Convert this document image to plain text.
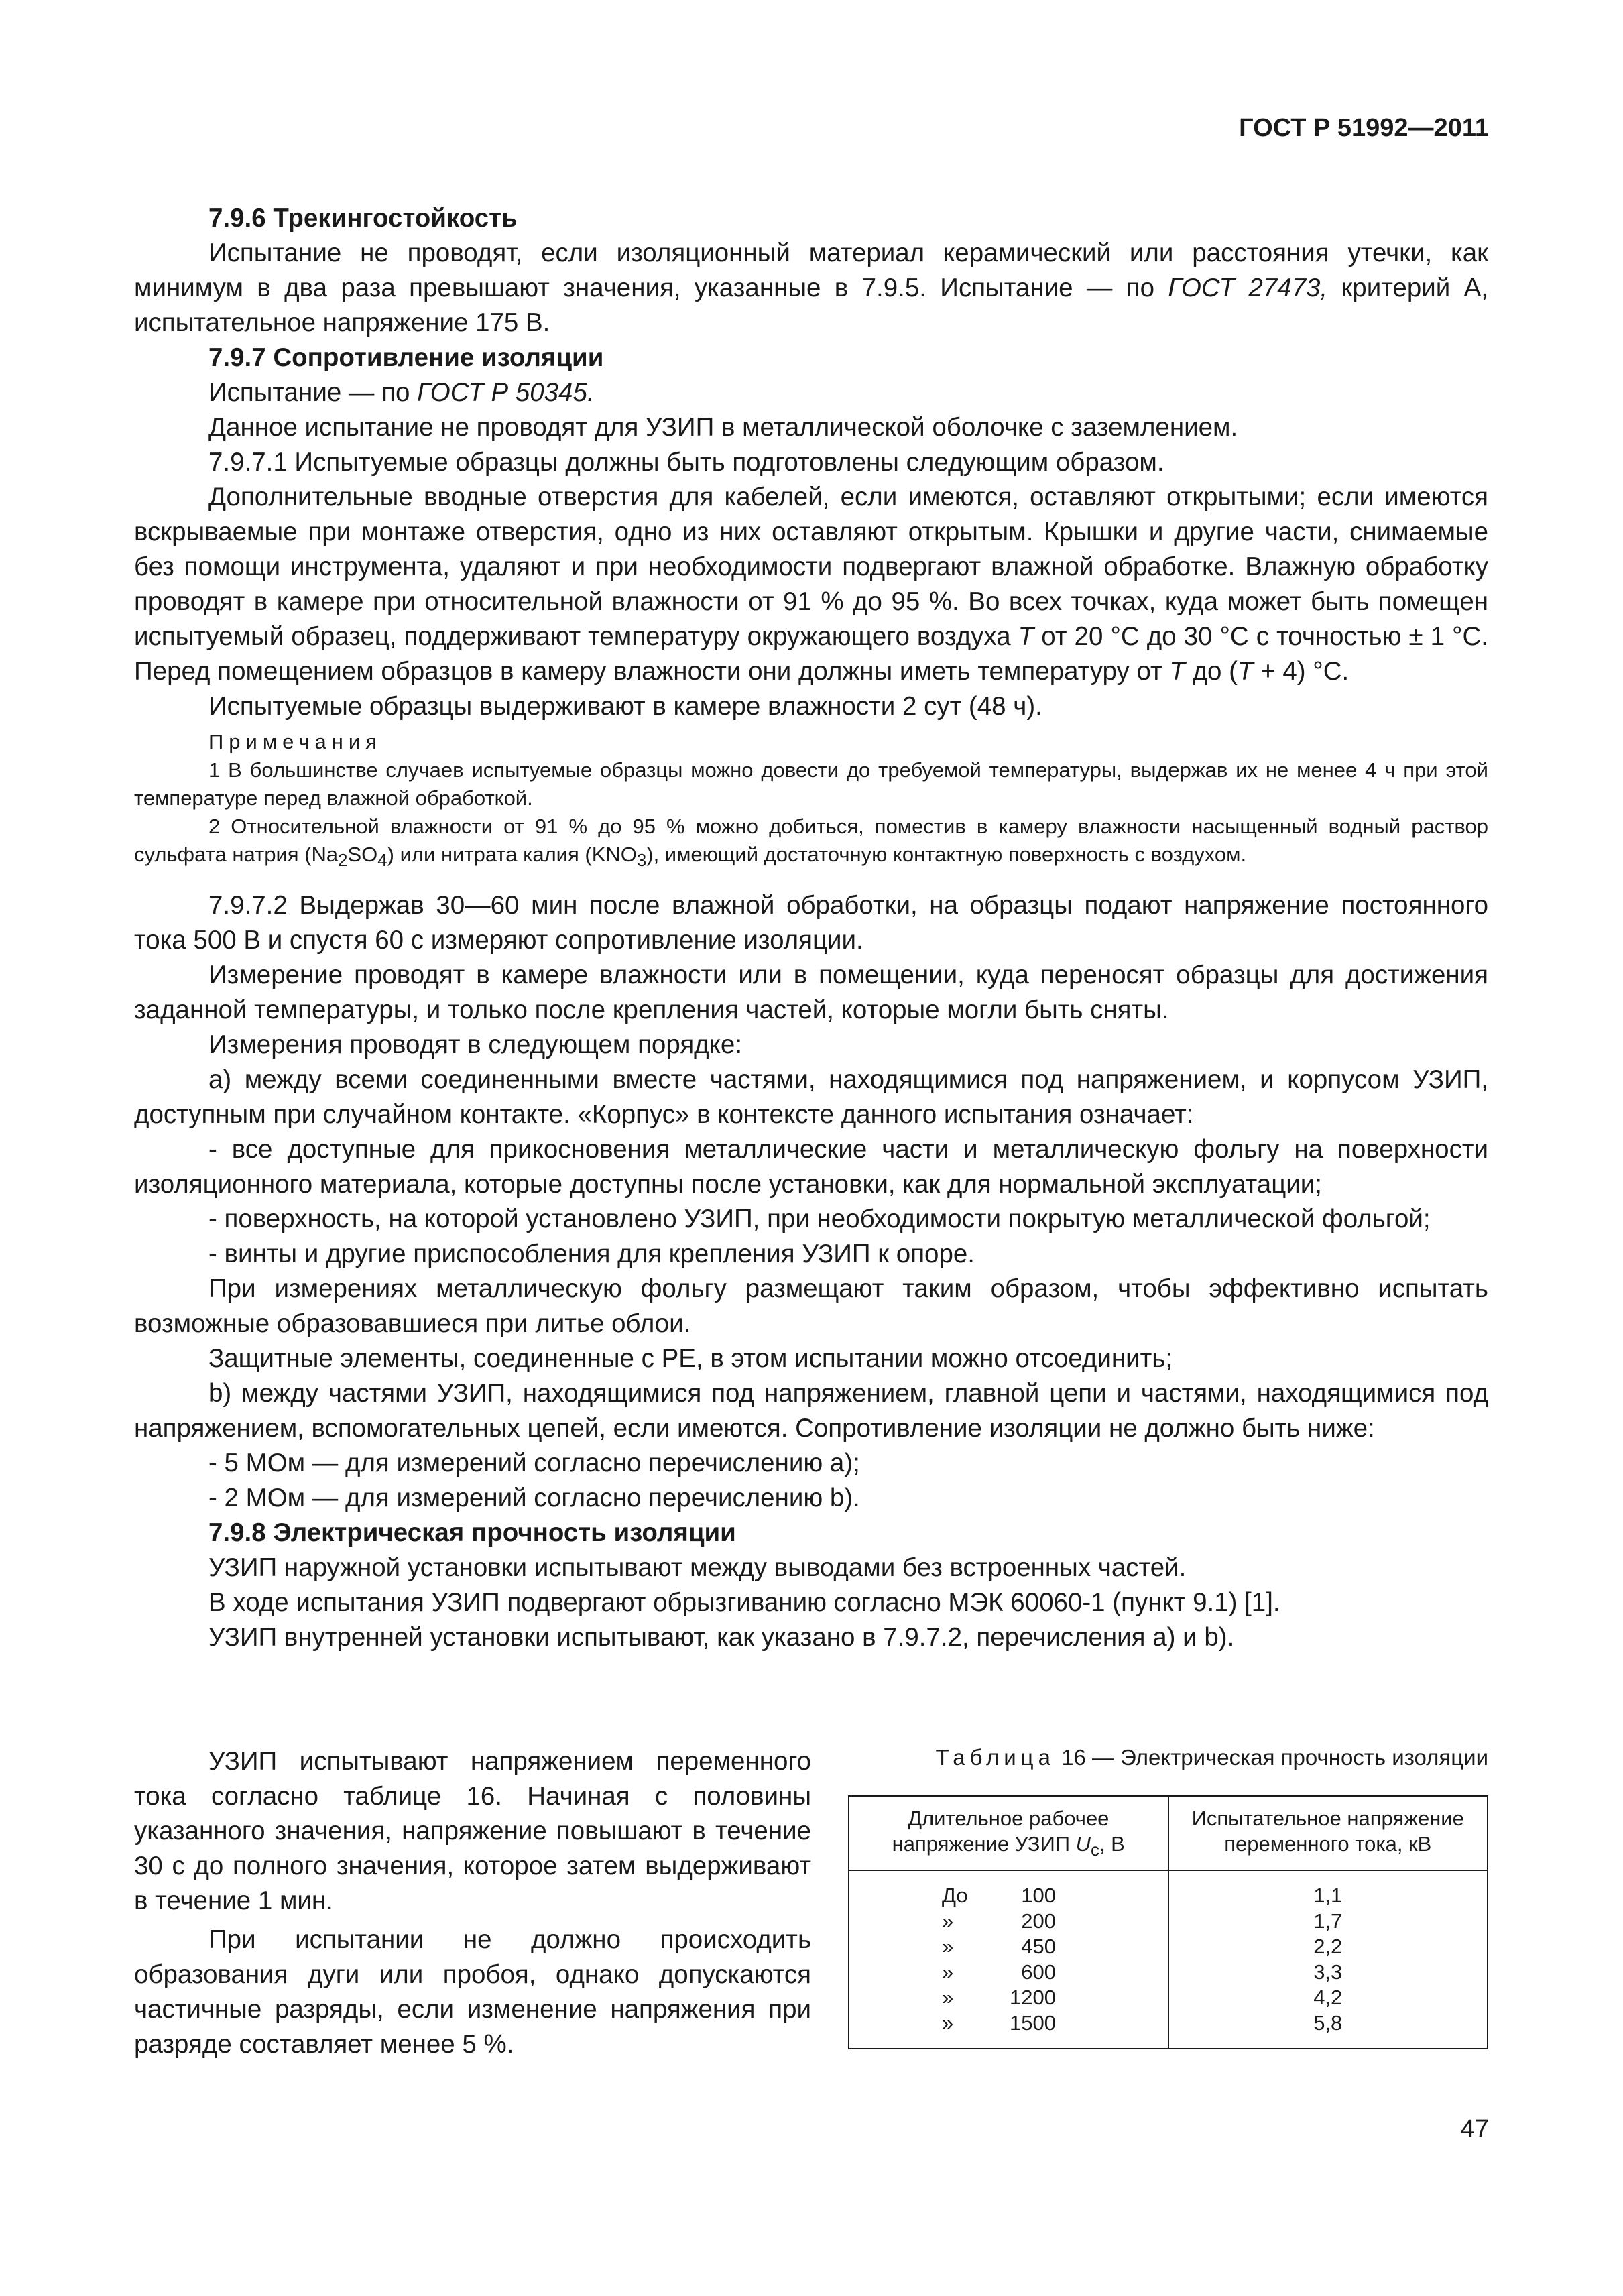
ГОСТ Р 51992—2011

7.9.6 Трекингостойкость

Испытание не проводят, если изоляционный материал керамический или расстояния утечки, как минимум в два раза превышают значения, указанные в 7.9.5. Испытание — по ГОСТ 27473, критерий А, испытательное напряжение 175 В.

7.9.7 Сопротивление изоляции

Испытание — по ГОСТ Р 50345.

Данное испытание не проводят для УЗИП в металлической оболочке с заземлением.

7.9.7.1 Испытуемые образцы должны быть подготовлены следующим образом.

Дополнительные вводные отверстия для кабелей, если имеются, оставляют открытыми; если имеются вскрываемые при монтаже отверстия, одно из них оставляют открытым. Крышки и другие части, снимаемые без помощи инструмента, удаляют и при необходимости подвергают влажной обработке. Влажную обработку проводят в камере при относительной влажности от 91 % до 95 %. Во всех точках, куда может быть помещен испытуемый образец, поддерживают температуру окружающего воздуха T от 20 °С до 30 °С с точностью ± 1 °С. Перед помещением образцов в камеру влажности они должны иметь температуру от T до (T + 4) °С.

Испытуемые образцы выдерживают в камере влажности 2 сут (48 ч).

Примечания

1 В большинстве случаев испытуемые образцы можно довести до требуемой температуры, выдержав их не менее 4 ч при этой температуре перед влажной обработкой.

2 Относительной влажности от 91 % до 95 % можно добиться, поместив в камеру влажности насыщенный водный раствор сульфата натрия $(Na_2SO_4)$ или нитрата калия $(KNO_3)$, имеющий достаточную контактную поверхность с воздухом.

7.9.7.2 Выдержав 30—60 мин после влажной обработки, на образцы подают напряжение постоянного тока 500 В и спустя 60 с измеряют сопротивление изоляции.

Измерение проводят в камере влажности или в помещении, куда переносят образцы для достижения заданной температуры, и только после крепления частей, которые могли быть сняты.

Измерения проводят в следующем порядке:

a) между всеми соединенными вместе частями, находящимися под напряжением, и корпусом УЗИП, доступным при случайном контакте. «Корпус» в контексте данного испытания означает:

- все доступные для прикосновения металлические части и металлическую фольгу на поверхности изоляционного материала, которые доступны после установки, как для нормальной эксплуатации;

- поверхность, на которой установлено УЗИП, при необходимости покрытую металлической фольгой;

- винты и другие приспособления для крепления УЗИП к опоре.

При измерениях металлическую фольгу размещают таким образом, чтобы эффективно испытать возможные образовавшиеся при литье облои.

Защитные элементы, соединенные с PE, в этом испытании можно отсоединить;

b) между частями УЗИП, находящимися под напряжением, главной цепи и частями, находящимися под напряжением, вспомогательных цепей, если имеются. Сопротивление изоляции не должно быть ниже:

- 5 МОм — для измерений согласно перечислению a);

- 2 МОм — для измерений согласно перечислению b).

7.9.8 Электрическая прочность изоляции

УЗИП наружной установки испытывают между выводами без встроенных частей.

В ходе испытания УЗИП подвергают обрызгиванию согласно МЭК 60060-1 (пункт 9.1) [1].

УЗИП внутренней установки испытывают, как указано в 7.9.7.2, перечисления a) и b).

УЗИП испытывают напряжением переменного тока согласно таблице 16. Начиная с половины указанного значения, напряжение повышают в течение 30 с до полного значения, которое затем выдерживают в течение 1 мин.

При испытании не должно происходить образования дуги или пробоя, однако допускаются частичные разряды, если изменение напряжения при разряде составляет менее 5 %.

Таблица 16 — Электрическая прочность изоляции
Длительное рабочее
напряжение УЗИП $U_c$, В	Испытательное напряжение переменного тока, кВ
До 100	1,1
» 200	1,7
» 450	2,2
» 600	3,3
» 1200	4,2
» 1500	5,8
47
